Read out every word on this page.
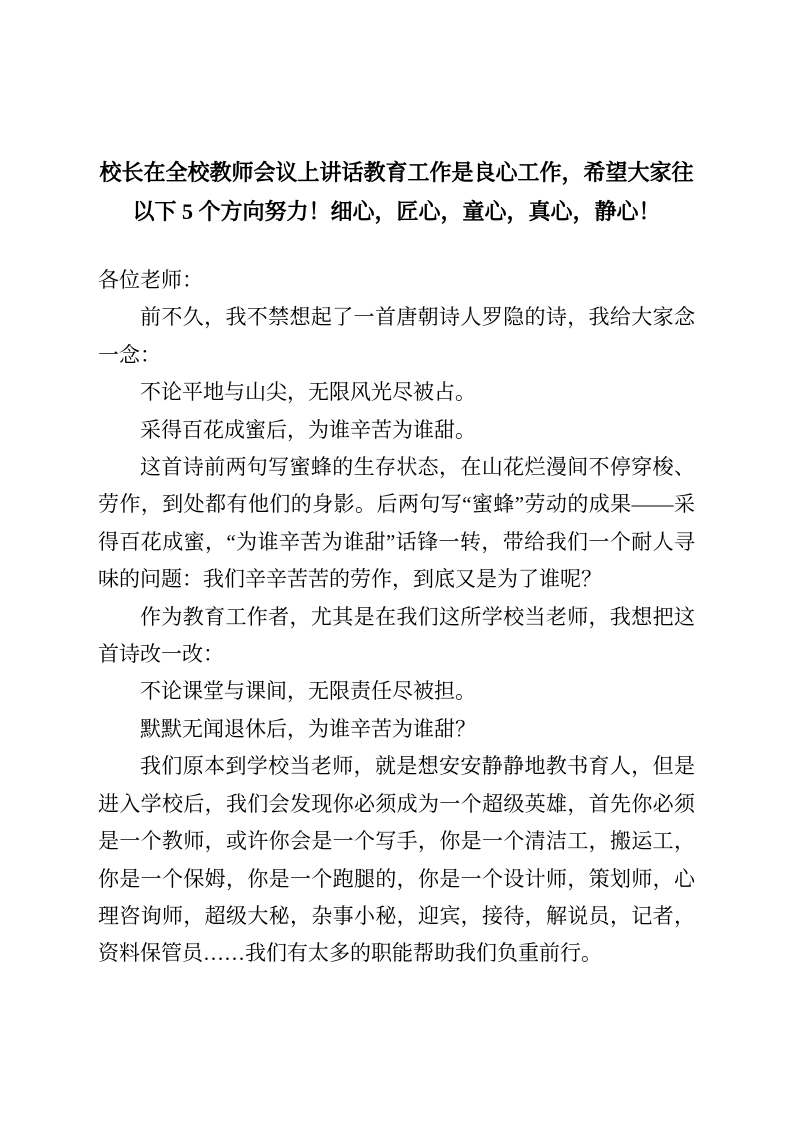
校长在全校教师会议上讲话教育工作是良心工作，希望大家往
以下 5 个方向努力！细心，匠心，童心，真心，静心！

各位老师：

前不久，我不禁想起了一首唐朝诗人罗隐的诗，我给大家念一念：

不论平地与山尖，无限风光尽被占。

采得百花成蜜后，为谁辛苦为谁甜。

这首诗前两句写蜜蜂的生存状态，在山花烂漫间不停穿梭、劳作，到处都有他们的身影。后两句写“蜜蜂”劳动的成果——采得百花成蜜，“为谁辛苦为谁甜”话锋一转，带给我们一个耐人寻味的问题：我们辛辛苦苦的劳作，到底又是为了谁呢？

作为教育工作者，尤其是在我们这所学校当老师，我想把这首诗改一改：

不论课堂与课间，无限责任尽被担。

默默无闻退休后，为谁辛苦为谁甜？

我们原本到学校当老师，就是想安安静静地教书育人，但是进入学校后，我们会发现你必须成为一个超级英雄，首先你必须是一个教师，或许你会是一个写手，你是一个清洁工，搬运工，你是一个保姆，你是一个跑腿的，你是一个设计师，策划师，心理咨询师，超级大秘，杂事小秘，迎宾，接待，解说员，记者，资料保管员……我们有太多的职能帮助我们负重前行。
